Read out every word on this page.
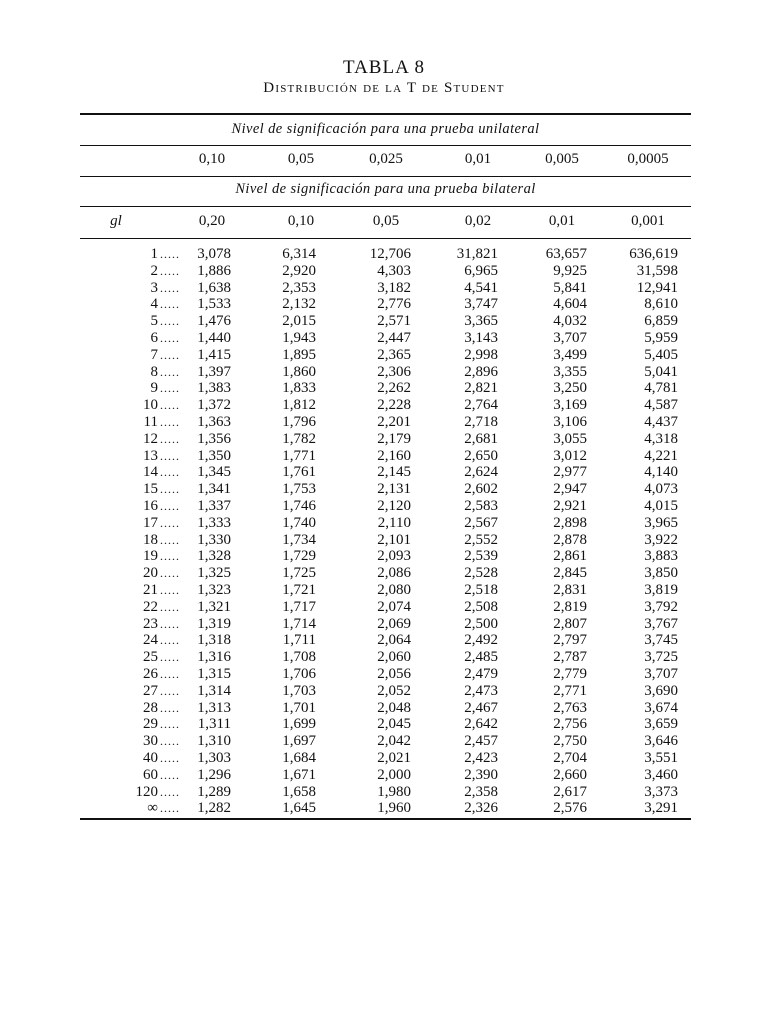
TABLA 8
Distribución de la T de Student
Nivel de significación para una prueba unilateral
0,10	0,05	0,025	0,01	0,005	0,0005
Nivel de significación para una prueba bilateral
gl	0,20	0,10	0,05	0,02	0,01	0,001
1 ..... 3,078	6,314	12,706	31,821	63,657	636,619
2 ..... 1,886	2,920	4,303	6,965	9,925	31,598
3 ..... 1,638	2,353	3,182	4,541	5,841	12,941
4 ..... 1,533	2,132	2,776	3,747	4,604	8,610
5 ..... 1,476	2,015	2,571	3,365	4,032	6,859
6 ..... 1,440	1,943	2,447	3,143	3,707	5,959
7 ..... 1,415	1,895	2,365	2,998	3,499	5,405
8 ..... 1,397	1,860	2,306	2,896	3,355	5,041
9 ..... 1,383	1,833	2,262	2,821	3,250	4,781
10 ..... 1,372	1,812	2,228	2,764	3,169	4,587
11 ..... 1,363	1,796	2,201	2,718	3,106	4,437
12 ..... 1,356	1,782	2,179	2,681	3,055	4,318
13 ..... 1,350	1,771	2,160	2,650	3,012	4,221
14 ..... 1,345	1,761	2,145	2,624	2,977	4,140
15 ..... 1,341	1,753	2,131	2,602	2,947	4,073
16 ..... 1,337	1,746	2,120	2,583	2,921	4,015
17 ..... 1,333	1,740	2,110	2,567	2,898	3,965
18 ..... 1,330	1,734	2,101	2,552	2,878	3,922
19 ..... 1,328	1,729	2,093	2,539	2,861	3,883
20 ..... 1,325	1,725	2,086	2,528	2,845	3,850
21 ..... 1,323	1,721	2,080	2,518	2,831	3,819
22 ..... 1,321	1,717	2,074	2,508	2,819	3,792
23 ..... 1,319	1,714	2,069	2,500	2,807	3,767
24 ..... 1,318	1,711	2,064	2,492	2,797	3,745
25 ..... 1,316	1,708	2,060	2,485	2,787	3,725
26 ..... 1,315	1,706	2,056	2,479	2,779	3,707
27 ..... 1,314	1,703	2,052	2,473	2,771	3,690
28 ..... 1,313	1,701	2,048	2,467	2,763	3,674
29 ..... 1,311	1,699	2,045	2,642	2,756	3,659
30 ..... 1,310	1,697	2,042	2,457	2,750	3,646
40 ..... 1,303	1,684	2,021	2,423	2,704	3,551
60 ..... 1,296	1,671	2,000	2,390	2,660	3,460
120 ..... 1,289	1,658	1,980	2,358	2,617	3,373
∞ ..... 1,282	1,645	1,960	2,326	2,576	3,291
